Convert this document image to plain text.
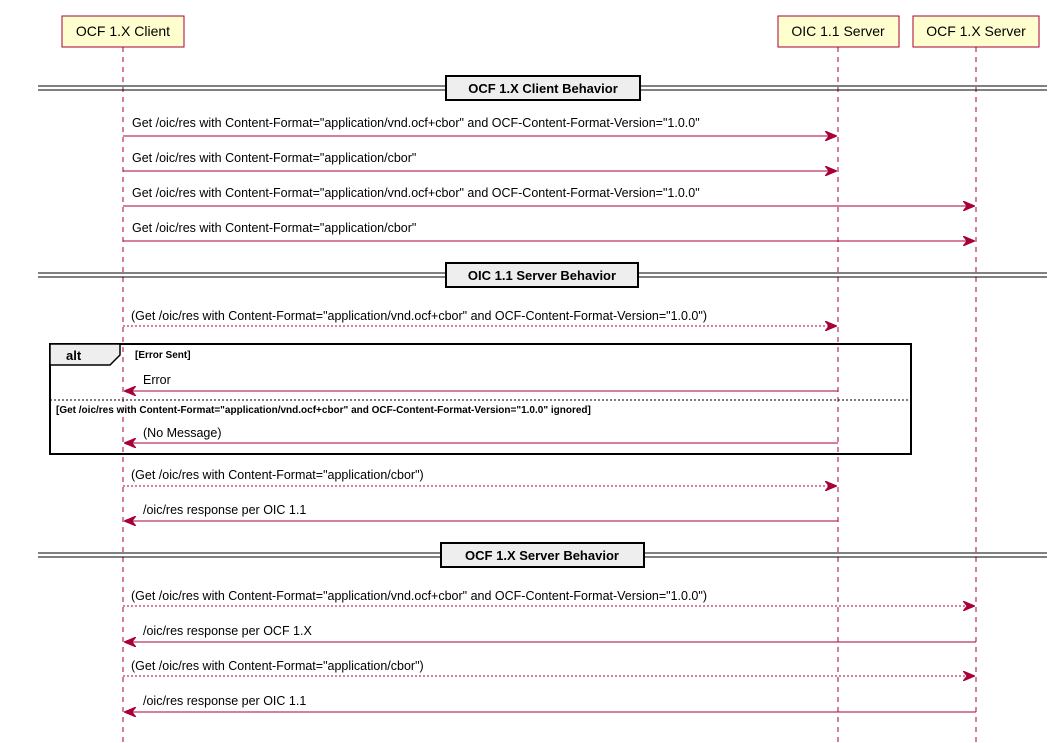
OCF 1.X Client	OIC 1.1 Server	OCF 1.X Server
OCF 1.X Client Behavior
Get /oic/res with Content-Format="application/vnd.ocf+cbor" and OCF-Content-Format-Version="1.0.0"
Get /oic/res with Content-Format="application/cbor"
Get /oic/res with Content-Format="application/vnd.ocf+cbor" and OCF-Content-Format-Version="1.0.0"
Get /oic/res with Content-Format="application/cbor"
OIC 1.1 Server Behavior
(Get /oic/res with Content-Format="application/vnd.ocf+cbor" and OCF-Content-Format-Version="1.0.0")
alt	[Error Sent]
[Get /oic/res with Content-Format="application/vnd.ocf+cbor" and OCF-Content-Format-Version="1.0.0" ignored]
Error
(No Message)
(Get /oic/res with Content-Format="application/cbor")
/oic/res response per OIC 1.1
OCF 1.X Server Behavior
(Get /oic/res with Content-Format="application/vnd.ocf+cbor" and OCF-Content-Format-Version="1.0.0")
/oic/res response per OCF 1.X
(Get /oic/res with Content-Format="application/cbor")
/oic/res response per OIC 1.1
